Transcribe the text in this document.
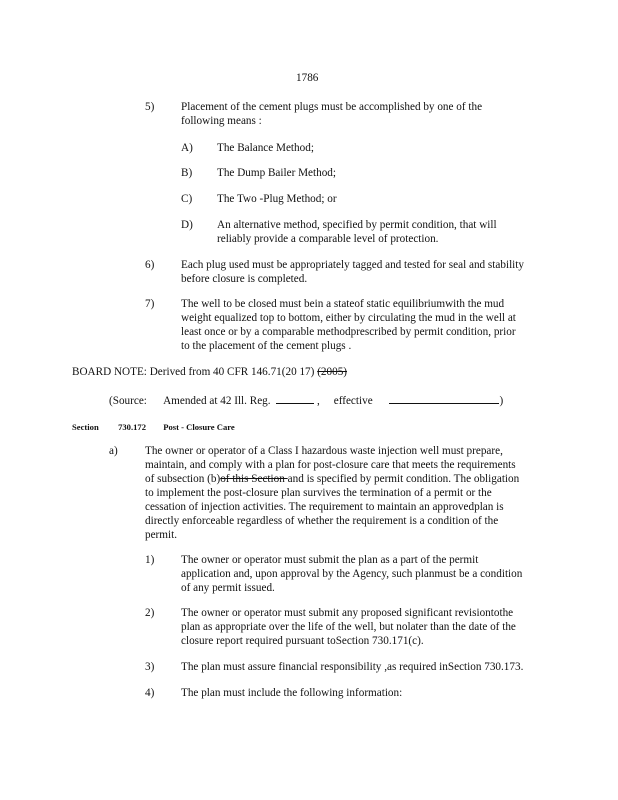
1786
5) Placement of the cement plugs must be accomplished by one of the
following means :
A) The Balance Method;
B) The Dump Bailer Method;
C) The Two -Plug Method; or
D) An alternative method, specified by permit condition, that will
reliably provide a comparable level of protection.
6) Each plug used must be appropriately tagged and tested for seal and stability
before closure is completed.
7) The well to be closed must bein a stateof static equilibriumwith the mud
weight equalized top to bottom, either by circulating the mud in the well at
least once or by a comparable methodprescribed by permit condition, prior
to the placement of the cement plugs .
BOARD NOTE: Derived from 40 CFR 146.71(20 17) (2005)
(Source: Amended at 42 Ill. Reg.	,     effective	)
Section 730.172 Post - Closure Care
a) The owner or operator of a Class I hazardous waste injection well must prepare,
maintain, and comply with a plan for post-closure care that meets the requirements
of subsection (b)of this Section and is specified by permit condition. The obligation
to implement the post-closure plan survives the termination of a permit or the
cessation of injection activities. The requirement to maintain an approvedplan is
directly enforceable regardless of whether the requirement is a condition of the
permit.
1) The owner or operator must submit the plan as a part of the permit
application and, upon approval by the Agency, such planmust be a condition
of any permit issued.
2) The owner or operator must submit any proposed significant revisiontothe
plan as appropriate over the life of the well, but nolater than the date of the
closure report required pursuant toSection 730.171(c).
3) The plan must assure financial responsibility ,as required inSection 730.173.
4) The plan must include the following information:
